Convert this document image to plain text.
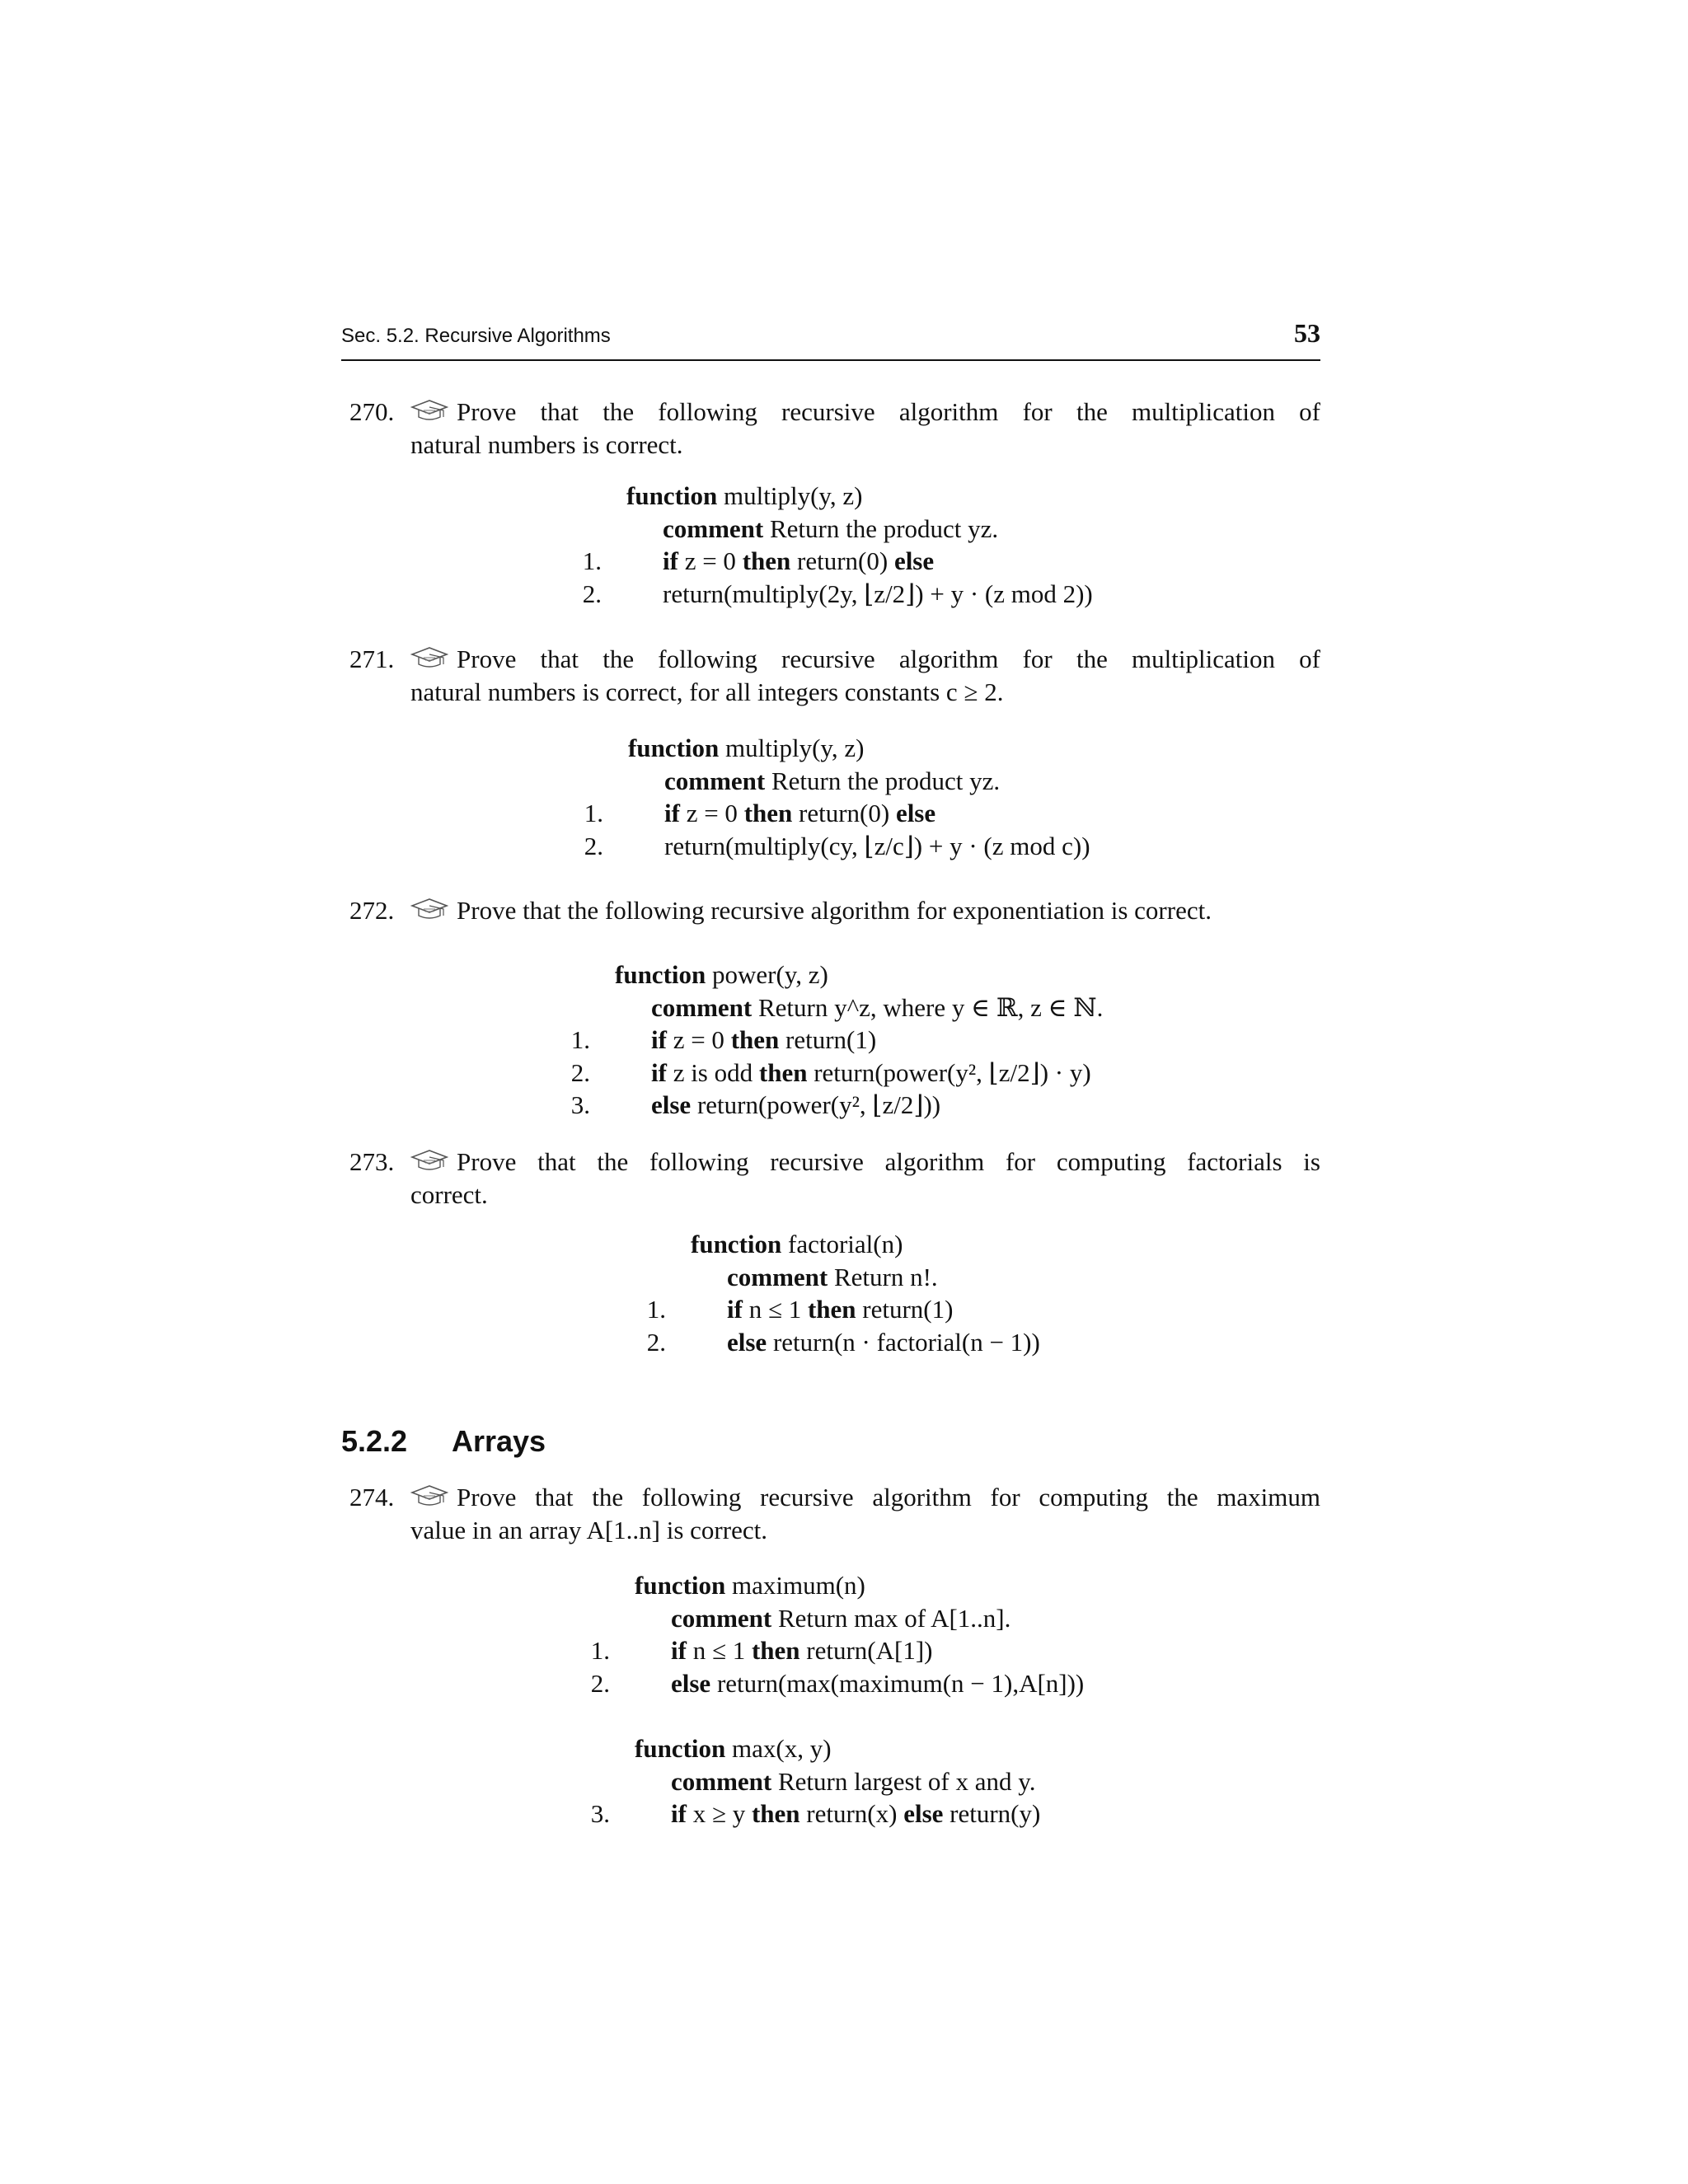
Sec. 5.2. Recursive Algorithms	53
270.	Prove that the following recursive algorithm for the multiplication of
natural numbers is correct.
function multiply(y, z)
comment Return the product yz.
1. if z = 0 then return(0) else
2. return(multiply(2y, ⌊z/2⌋) + y · (z mod 2))
271.	Prove that the following recursive algorithm for the multiplication of
natural numbers is correct, for all integers constants c ≥ 2.
function multiply(y, z)
comment Return the product yz.
1. if z = 0 then return(0) else
2. return(multiply(cy, ⌊z/c⌋) + y · (z mod c))
272.	Prove that the following recursive algorithm for exponentiation is correct.
function power(y, z)
comment Return y^z, where y ∈ ℝ, z ∈ ℕ.
1. if z = 0 then return(1)
2. if z is odd then return(power(y², ⌊z/2⌋) · y)
3. else return(power(y², ⌊z/2⌋))
273.	Prove that the following recursive algorithm for computing factorials is
correct.
function factorial(n)
comment Return n!.
1. if n ≤ 1 then return(1)
2. else return(n · factorial(n − 1))
5.2.2 Arrays
274.	Prove that the following recursive algorithm for computing the maximum
value in an array A[1..n] is correct.
function maximum(n)
comment Return max of A[1..n].
1. if n ≤ 1 then return(A[1])
2. else return(max(maximum(n − 1),A[n]))
function max(x, y)
comment Return largest of x and y.
3. if x ≥ y then return(x) else return(y)
